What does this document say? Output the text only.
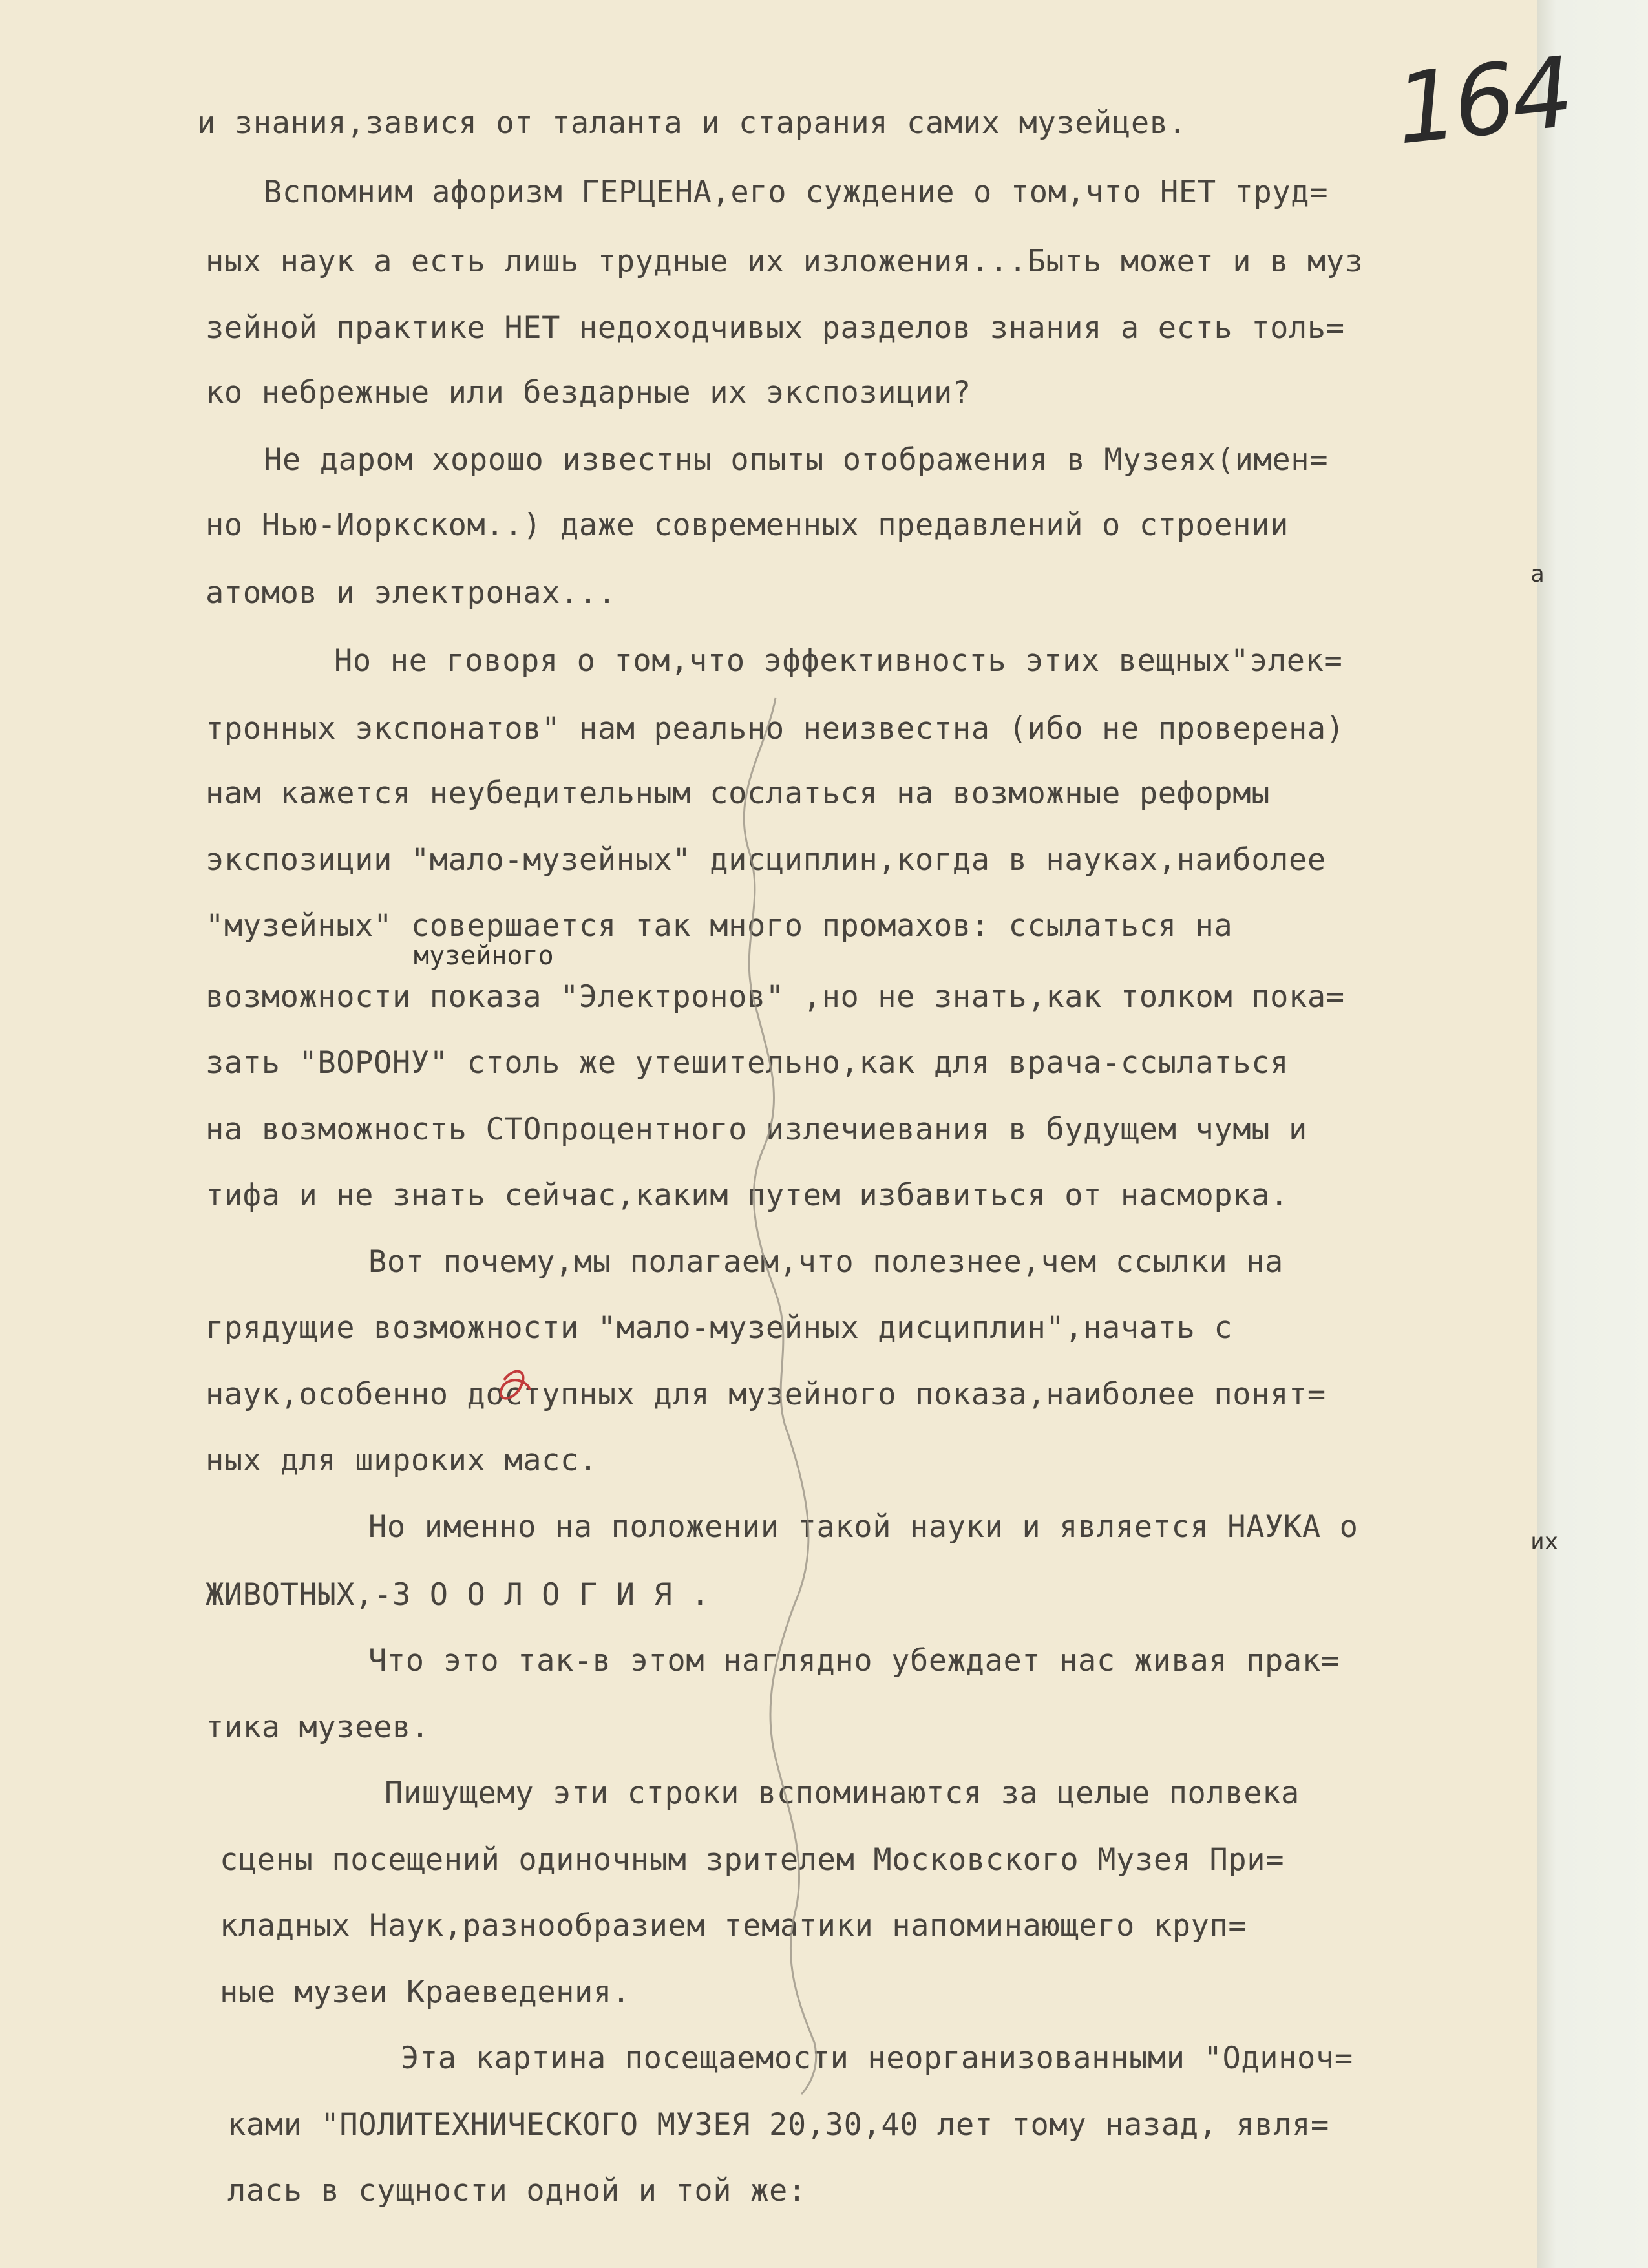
164
и знания,завися от таланта и старания самих музейцев.
Вспомним афоризм ГЕРЦЕНА,его суждение о том,что НЕТ труд=
ных наук а есть лишь трудные их изложения...Быть может и в муз
зейной практике НЕТ недоходчивых разделов знания а есть толь=
ко небрежные или бездарные их экспозиции?
Не даром хорошо известны опыты отображения в Музеях(имен=
но Нью-Иоркском..) даже современных предавлений о строении
атомов и электронах...
Но не говоря о том,что эффективность этих вещных"элек=
тронных экспонатов" нам реально неизвестна (ибо не проверена)
нам кажется неубедительным сослаться на возможные реформы
экспозиции "мало-музейных" дисциплин,когда в науках,наиболее
"музейных" совершается так много промахов: ссылаться на
музейного
возможности показа "Электронов" ,но не знать,как толком пока=
зать "ВОРОНУ" столь же утешительно,как для врача-ссылаться
на возможность СТОпроцентного излечиевания в будущем чумы и
тифа и не знать сейчас,каким путем избавиться от насморка.
Вот почему,мы полагаем,что полезнее,чем ссылки на
грядущие возможности "мало-музейных дисциплин",начать с
наук,особенно доступных для музейного показа,наиболее понят=
ных для широких масс.
Но именно на положении такой науки и является НАУКА о
ЖИВОТНЫХ,-З О О Л О Г И Я .
Что это так-в этом наглядно убеждает нас живая прак=
тика музеев.
Пишущему эти строки вспоминаются за целые полвека
сцены посещений одиночным зрителем Московского Музея При=
кладных Наук,разнообразием тематики напоминающего круп=
ные музеи Краеведения.
Эта картина посещаемости неорганизованными "Одиноч=
ками "ПОЛИТЕХНИЧЕСКОГО МУЗЕЯ 20,30,40 лет тому назад, явля=
лась в сущности одной и той же:
а
их
